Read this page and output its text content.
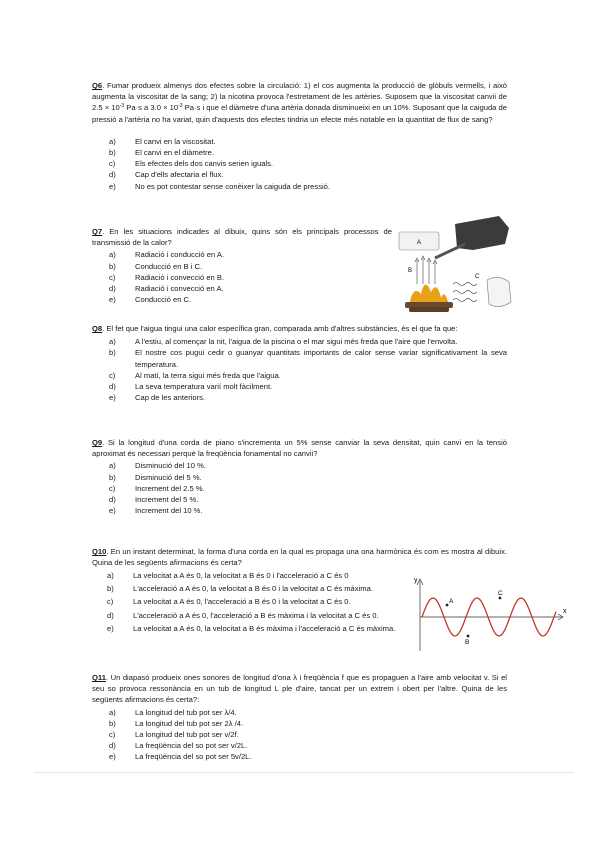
Q6. Fumar produeix almenys dos efectes sobre la circulació: 1) el cos augmenta la producció de glòbuls vermells, i això augmenta la viscositat de la sang; 2) la nicotina provoca l'estretament de les artèries. Suposem que la viscositat canvii de $2.5 \times 10^{-3}$ Pa·s a $3.0 \times 10^{-3}$ Pa·s i que el diàmetre d'una artèria donada disminueixi en un 10%. Suposant que la caiguda de pressió a l'artèria no ha variat, quin d'aquests dos efectes tindria un efecte més notable en la quantitat de flux de sang?

a)	El canvi en la viscositat.
b)	El canvi en el diàmetre.
c)	Els efectes dels dos canvis serien iguals.
d)	Cap d'ells afectaria el flux.
e)	No es pot contestar sense conèixer la caiguda de pressió.

Q7. En les situacions indicades al dibuix, quins són els principals processos de transmissió de la calor?

a)	Radiació i conducció en A.
b)	Conducció en B i C.
c)	Radiació i convecció en B.
d)	Radiació i convecció en A.
e)	Conducció en C.
A
B
C

Q8. El fet que l'aigua tingui una calor específica gran, comparada amb d'altres substàncies, és el que fa que:

a)	A l'estiu, al començar la nit, l'aigua de la piscina o el mar sigui més freda que l'aire que l'envolta.
b)	El nostre cos pugui cedir o guanyar quantitats importants de calor sense variar significativament la seva temperatura.
c)	Al matí, la terra sigui més freda que l'aigua.
d)	La seva temperatura varií molt fàcilment.
e)	Cap de les anteriors.

Q9. Si la longitud d'una corda de piano s'incrementa un 5% sense canviar la seva densitat, quin canvi en la tensió aproximat és necessari perquè la freqüència fonamental no canvii?

a)	Disminució del 10 %.
b)	Disminució del 5 %.
c)	Increment del 2.5 %.
d)	Increment del 5 %.
e)	Increment del 10 %.

Q10. En un instant determinat, la forma d'una corda en la qual es propaga una ona harmònica és com es mostra al dibuix. Quina de les següents afirmacions és certa?

a)	La velocitat a A és 0, la velocitat a B és 0 i l'acceleració a C és 0
b)	L'acceleració a A és 0, la velocitat a B és 0 i la velocitat a C és màxima.
c)	La velocitat a A és 0, l'acceleració a B és 0 i la velocitat a C és 0.
d)	L'acceleració a A és 0, l'acceleració a B és màxima i la velocitat a C és 0.
e)	La velocitat a A és 0, la velocitat a B és màxima i l'acceleració a C és màxima.
y
x
A
B
C

Q11. Un diapasó produeix ones sonores de longitud d'ona λ i freqüència f que es propaguen a l'aire amb velocitat v. Si el seu so provoca ressonància en un tub de longitud L ple d'aire, tancat per un extrem i obert per l'altre. Quina de les següents afirmacions és certa?:

a)	La longitud del tub pot ser λ/4.
b)	La longitud del tub pot ser 2λ /4.
c)	La longitud del tub pot ser v/2f.
d)	La freqüència del so pot ser v/2L.
e)	La freqüència del so pot ser 5v/2L.
